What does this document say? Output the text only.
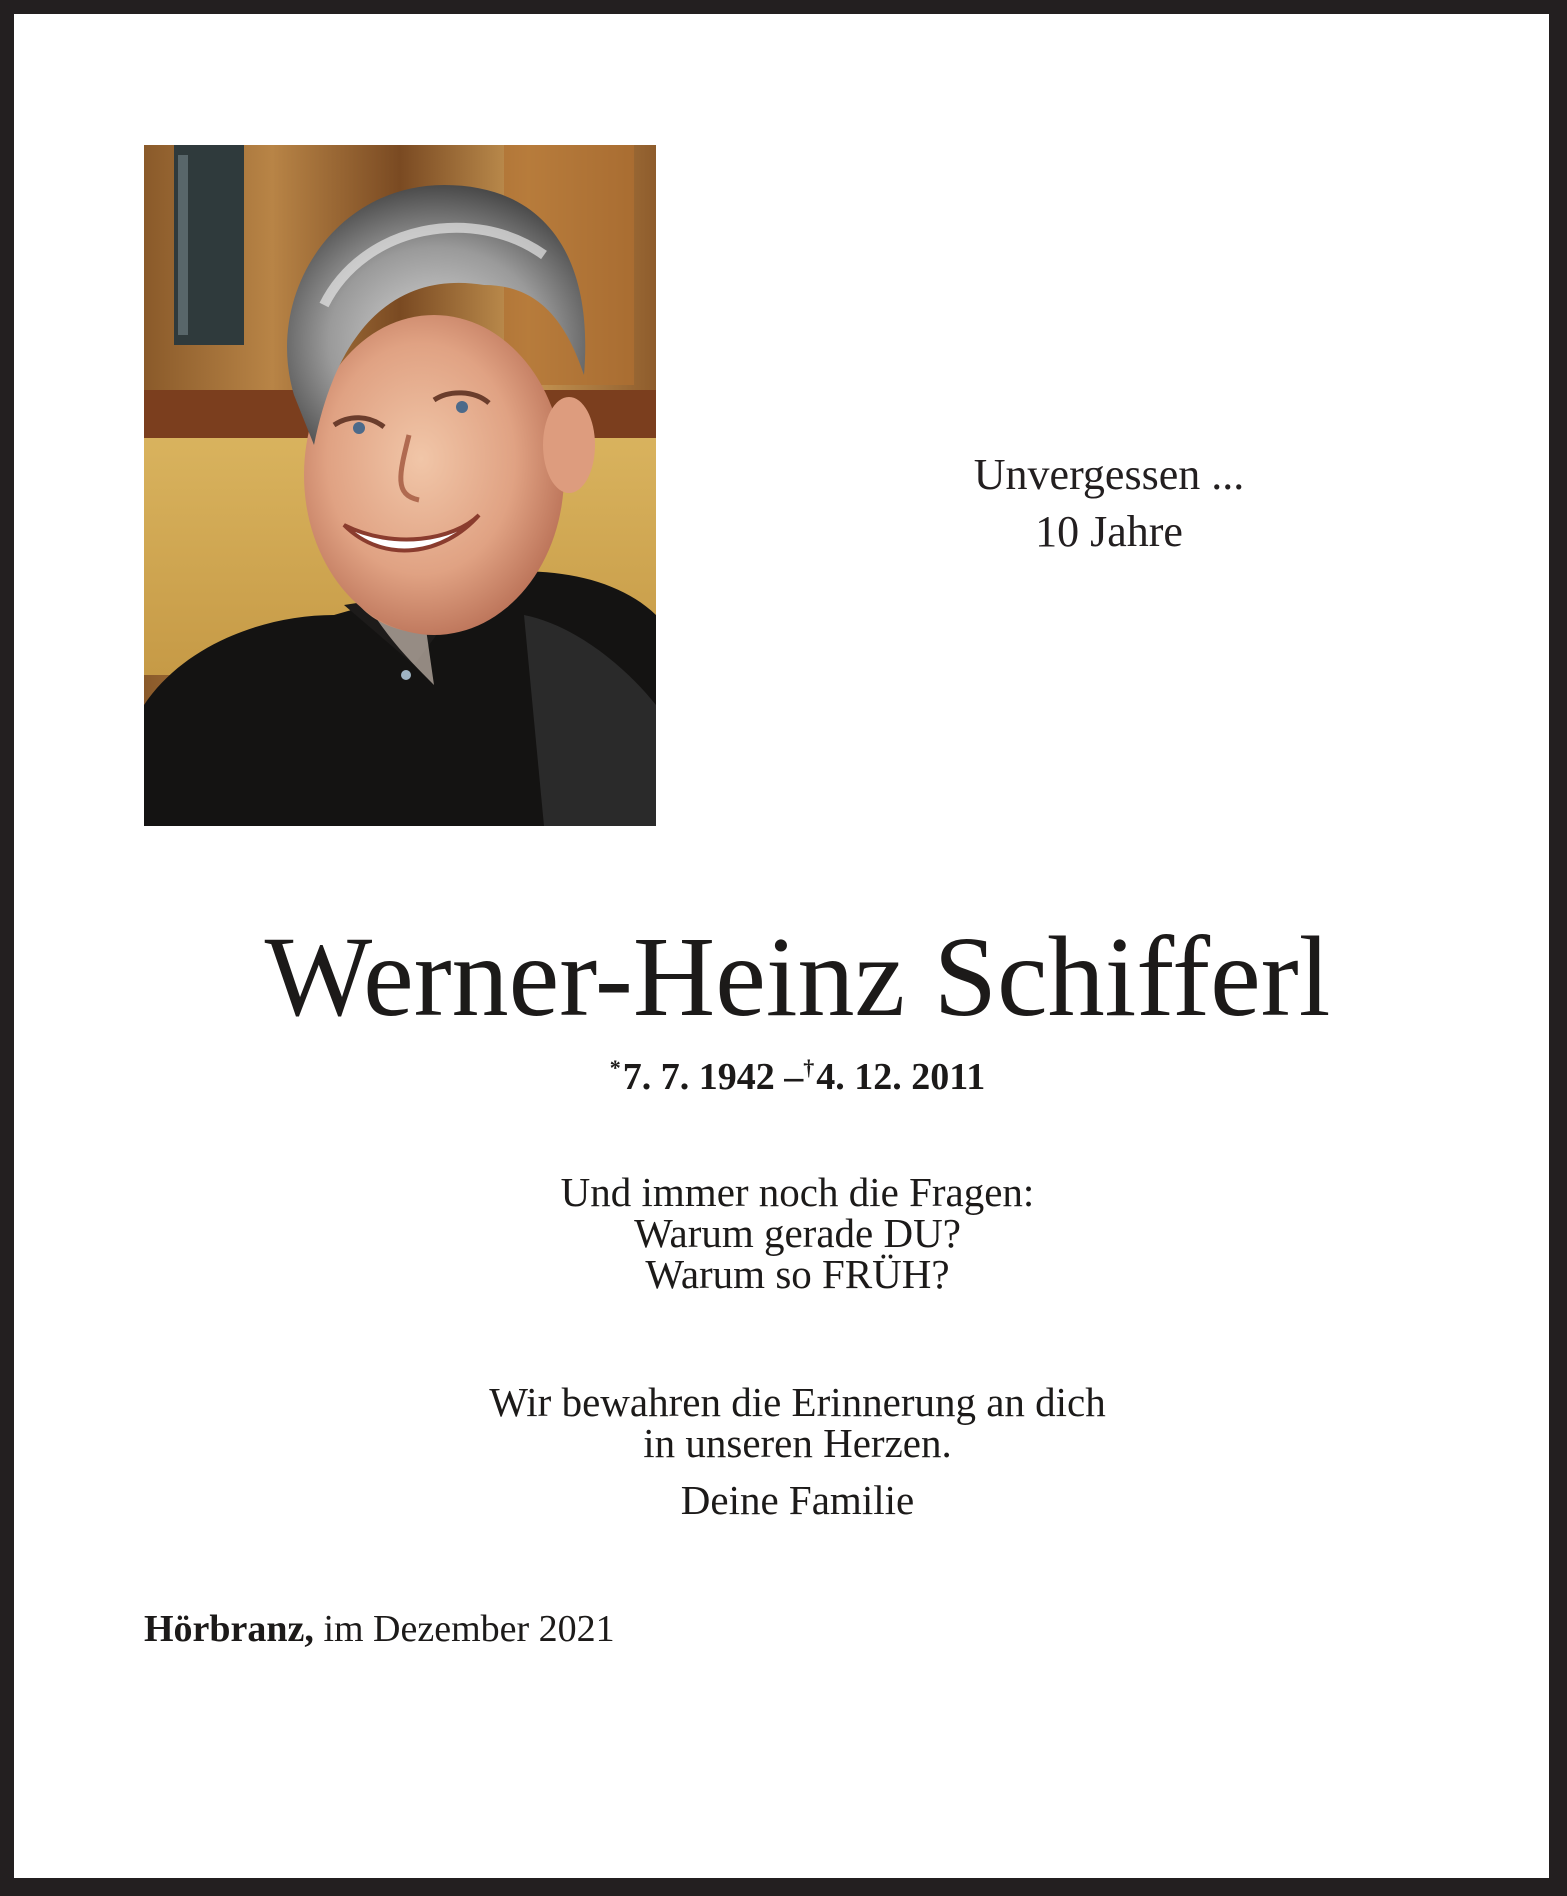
Unvergessen ...
10 Jahre
Werner-Heinz Schifferl
*7. 7. 1942 –†4. 12. 2011
Und immer noch die Fragen:
Warum gerade DU?
Warum so FRÜH?
Wir bewahren die Erinnerung an dich
in unseren Herzen.
Deine Familie
Hörbranz, im Dezember 2021
